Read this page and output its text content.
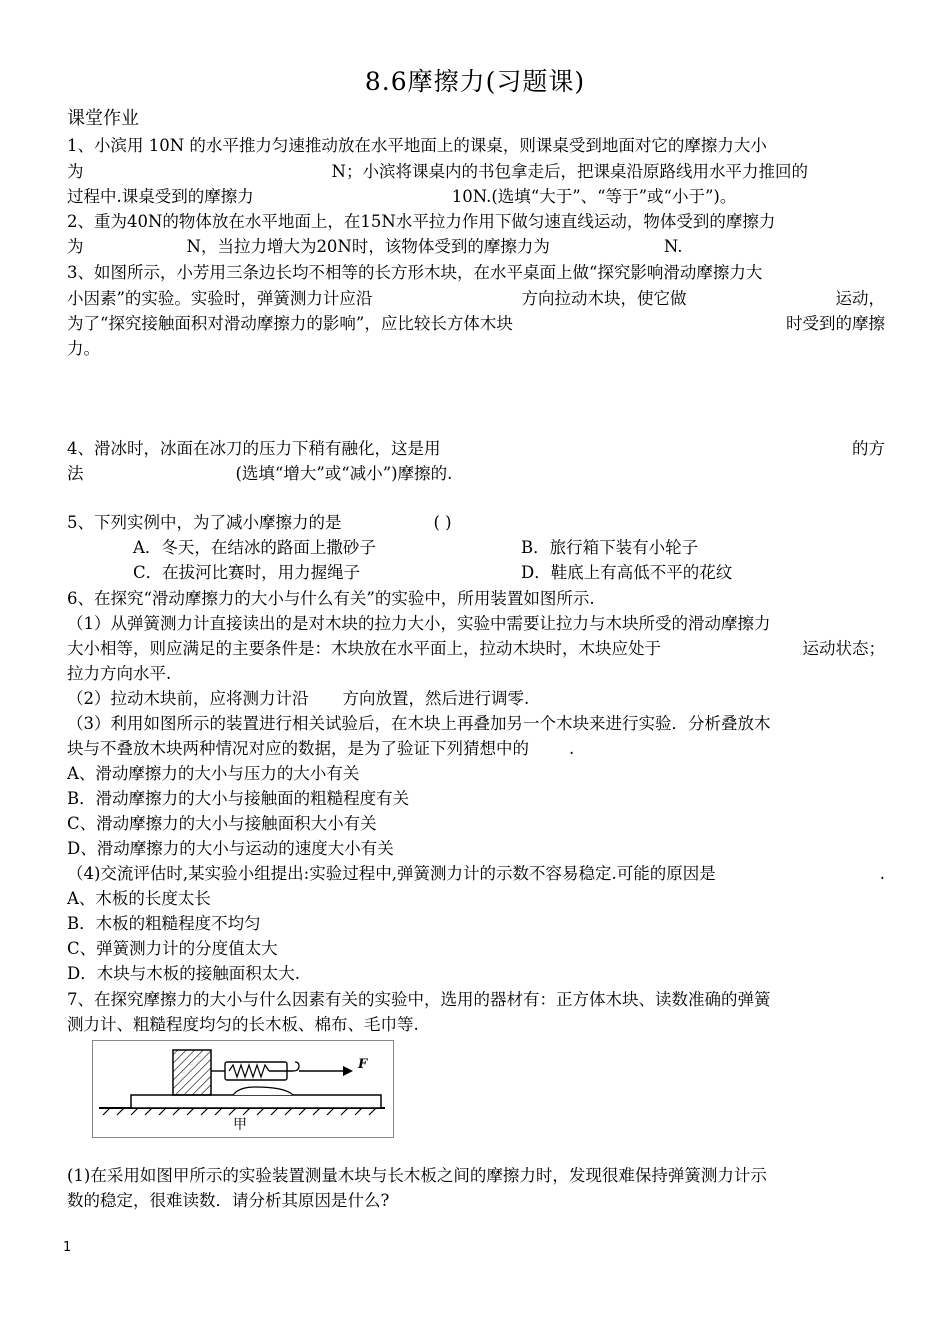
8.6摩擦力(习题课)
课堂作业
1、小滨用 10N 的水平推力匀速推动放在水平地面上的课桌，则课桌受到地面对它的摩擦力大小
为	N；小滨将课桌内的书包拿走后，把课桌沿原路线用水平力推回的
过程中.课桌受到的摩擦力	10N.(选填“大于”、“等于”或“小于”)。
2、重为40N的物体放在水平地面上，在15N水平拉力作用下做匀速直线运动，物体受到的摩擦力
为	N，当拉力增大为20N时，该物体受到的摩擦力为	N.
3、如图所示，小芳用三条边长均不相等的长方形木块，在水平桌面上做“探究影响滑动摩擦力大
小因素”的实验。实验时，弹簧测力计应沿	方向拉动木块，使它做	运动，
为了“探究接触面积对滑动摩擦力的影响”，应比较长方体木块	时受到的摩擦
力。
4、滑冰时，冰面在冰刀的压力下稍有融化，这是用	的方
法	(选填“增大”或“减小”)摩擦的.
5、下列实例中，为了减小摩擦力的是	( )
A．冬天，在结冰的路面上撒砂子	B．旅行箱下装有小轮子
C．在拔河比赛时，用力握绳子	D．鞋底上有高低不平的花纹
6、在探究“滑动摩擦力的大小与什么有关”的实验中，所用装置如图所示.
（1）从弹簧测力计直接读出的是对木块的拉力大小，实验中需要让拉力与木块所受的滑动摩擦力
大小相等，则应满足的主要条件是：木块放在水平面上，拉动木块时，木块应处于	运动状态；
拉力方向水平.
（2）拉动木块前，应将测力计沿 方向放置，然后进行调零.
（3）利用如图所示的装置进行相关试验后，在木块上再叠加另一个木块来进行实验．分析叠放木
块与不叠放木块两种情况对应的数据，是为了验证下列猜想中的 .
A、滑动摩擦力的大小与压力的大小有关
B．滑动摩擦力的大小与接触面的粗糙程度有关
C、滑动摩擦力的大小与接触面积大小有关
D、滑动摩擦力的大小与运动的速度大小有关
（4)交流评估时,某实验小组提出:实验过程中,弹簧测力计的示数不容易稳定.可能的原因是	.
A、木板的长度太长
B．木板的粗糙程度不均匀
C、弹簧测力计的分度值太大
D．木块与木板的接触面积太大.
7、在探究摩擦力的大小与什么因素有关的实验中，选用的器材有：正方体木块、读数准确的弹簧
测力计、粗糙程度均匀的长木板、棉布、毛巾等.
F
甲
(1)在采用如图甲所示的实验装置测量木块与长木板之间的摩擦力时，发现很难保持弹簧测力计示
数的稳定，很难读数．请分析其原因是什么?
1
